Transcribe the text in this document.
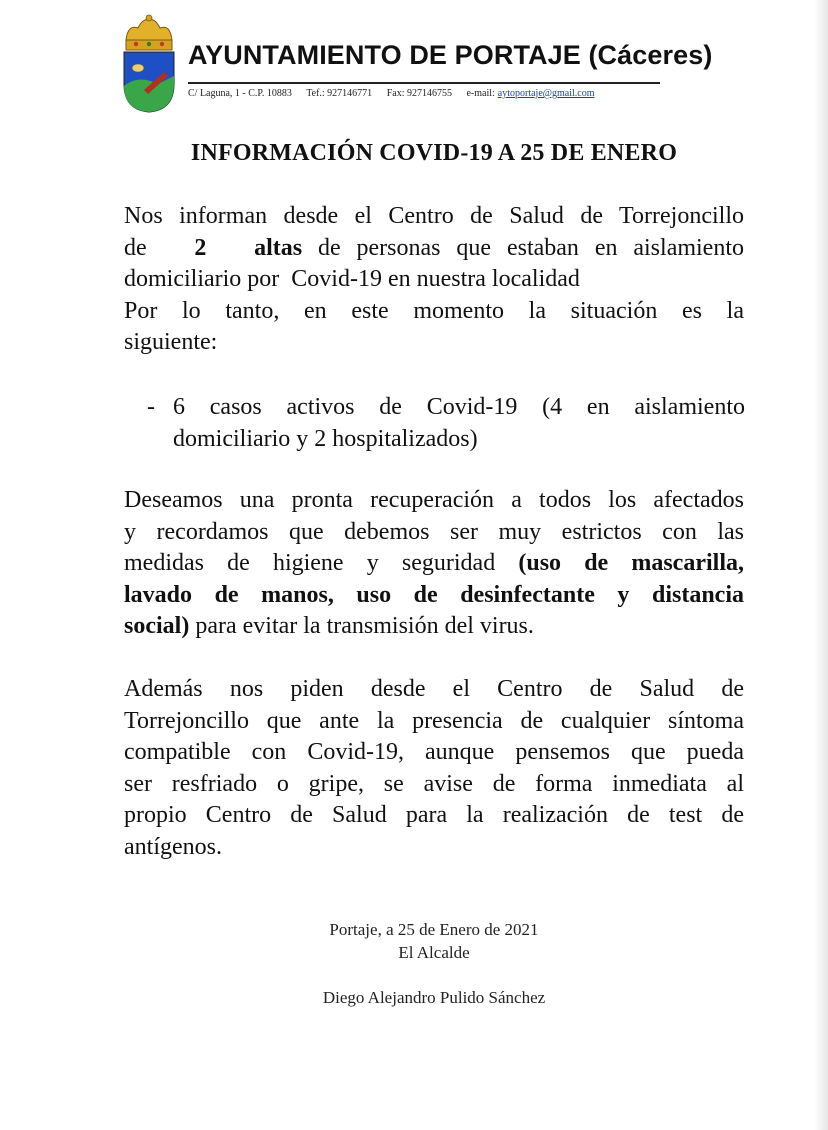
AYUNTAMIENTO DE PORTAJE (Cáceres)
C/ Laguna, 1 - C.P. 10883 Tef.: 927146771 Fax: 927146755 e-mail: aytoportaje@gmail.com
INFORMACIÓN COVID-19 A 25 DE ENERO
Nos informan desde el Centro de Salud de Torrejoncillo
de 2 altas de personas que estaban en aislamiento
domiciliario por  Covid-19 en nuestra localidad
Por lo tanto, en este momento la situación es la
siguiente:
- 6 casos activos de Covid-19 (4 en aislamiento
domiciliario y 2 hospitalizados)
Deseamos una pronta recuperación a todos los afectados
y recordamos que debemos ser muy estrictos con las
medidas de higiene y seguridad (uso de mascarilla,
lavado de manos, uso de desinfectante y distancia
social) para evitar la transmisión del virus.
Además nos piden desde el Centro de Salud de
Torrejoncillo que ante la presencia de cualquier síntoma
compatible con Covid-19, aunque pensemos que pueda
ser resfriado o gripe, se avise de forma inmediata al
propio Centro de Salud para la realización de test de
antígenos.
Portaje, a 25 de Enero de 2021
El Alcalde
Diego Alejandro Pulido Sánchez
